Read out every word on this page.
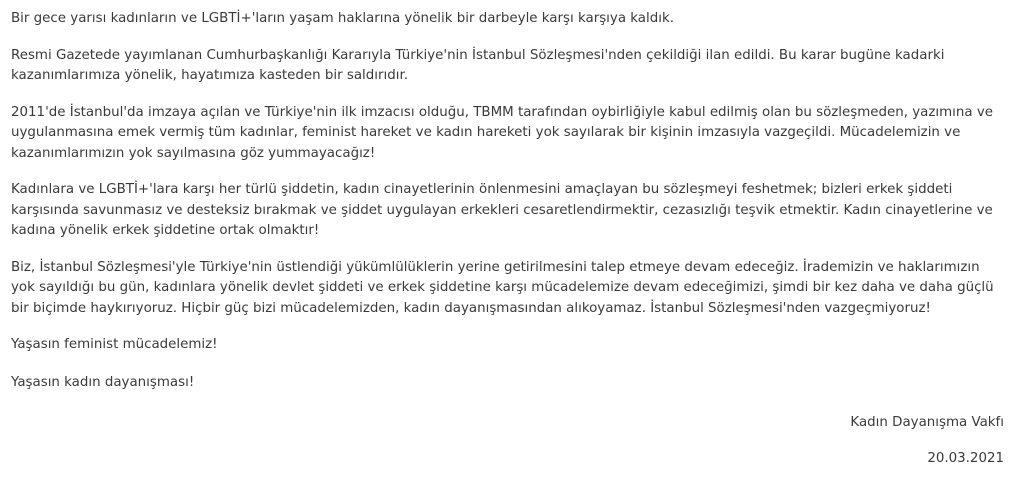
Bir gece yarısı kadınların ve LGBTİ+'ların yaşam haklarına yönelik bir darbeyle karşı karşıya kaldık.

Resmi Gazetede yayımlanan Cumhurbaşkanlığı Kararıyla Türkiye'nin İstanbul Sözleşmesi'nden çekildiği ilan edildi. Bu karar bugüne kadarki kazanımlarımıza yönelik, hayatımıza kasteden bir saldırıdır.

2011'de İstanbul'da imzaya açılan ve Türkiye'nin ilk imzacısı olduğu, TBMM tarafından oybirliğiyle kabul edilmiş olan bu sözleşmeden, yazımına ve uygulanmasına emek vermiş tüm kadınlar, feminist hareket ve kadın hareketi yok sayılarak bir kişinin imzasıyla vazgeçildi. Mücadelemizin ve kazanımlarımızın yok sayılmasına göz yummayacağız!

Kadınlara ve LGBTİ+'lara karşı her türlü şiddetin, kadın cinayetlerinin önlenmesini amaçlayan bu sözleşmeyi feshetmek; bizleri erkek şiddeti karşısında savunmasız ve desteksiz bırakmak ve şiddet uygulayan erkekleri cesaretlendirmektir, cezasızlığı teşvik etmektir. Kadın cinayetlerine ve kadına yönelik erkek şiddetine ortak olmaktır!

Biz, İstanbul Sözleşmesi'yle Türkiye'nin üstlendiği yükümlülüklerin yerine getirilmesini talep etmeye devam edeceğiz. İrademizin ve haklarımızın yok sayıldığı bu gün, kadınlara yönelik devlet şiddeti ve erkek şiddetine karşı mücadelemize devam edeceğimizi, şimdi bir kez daha ve daha güçlü bir biçimde haykırıyoruz. Hiçbir güç bizi mücadelemizden, kadın dayanışmasından alıkoyamaz. İstanbul Sözleşmesi'nden vazgeçmiyoruz!

Yaşasın feminist mücadelemiz!

Yaşasın kadın dayanışması!

Kadın Dayanışma Vakfı

20.03.2021
